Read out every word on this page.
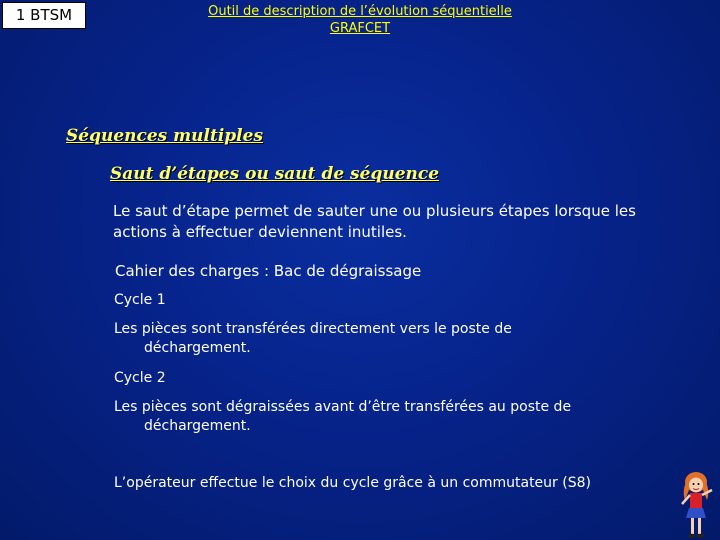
1 BTSM	Outil de description de l’évolution séquentielle
GRAFCET
Séquences multiples
Saut d’étapes ou saut de séquence
Le saut d’étape permet de sauter une ou plusieurs étapes lorsque les actions à effectuer deviennent inutiles.
Cahier des charges : Bac de dégraissage
Cycle 1
Les pièces sont transférées directement vers le poste de
déchargement.
Cycle 2
Les pièces sont dégraissées avant d’être transférées au poste de
déchargement.
L’opérateur effectue le choix du cycle grâce à un commutateur (S8)
